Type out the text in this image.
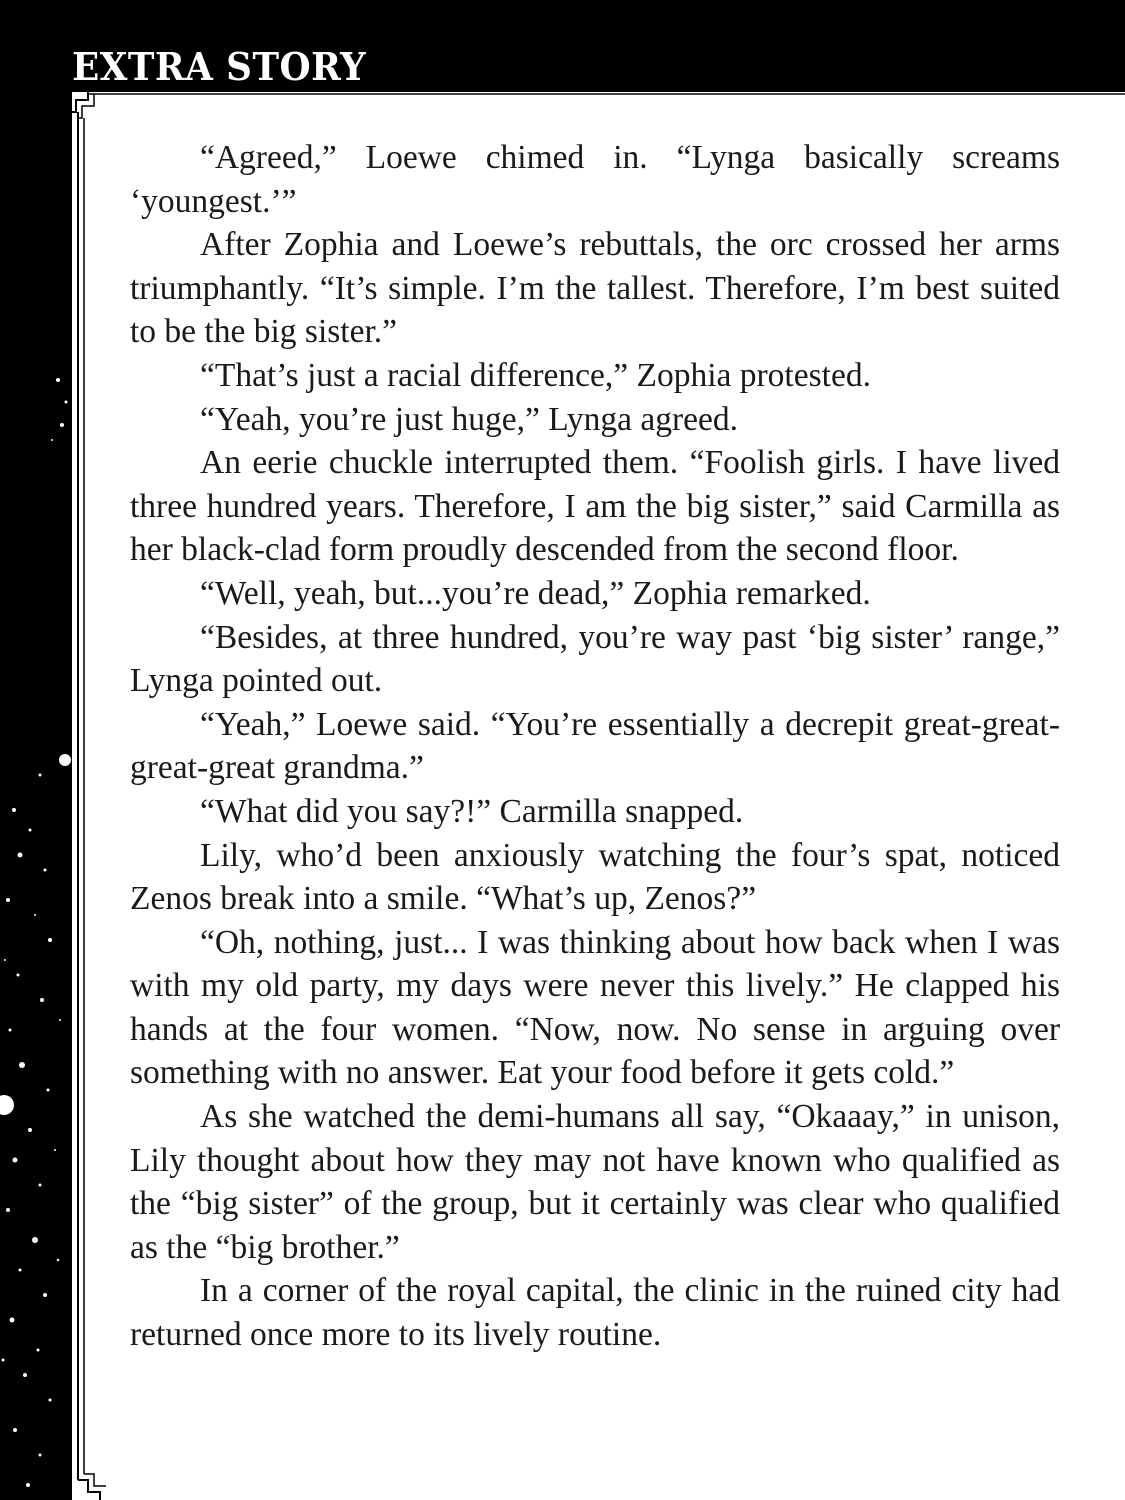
EXTRA STORY

“Agreed,” Loewe chimed in. “Lynga basically screams ‘youngest.’”

After Zophia and Loewe’s rebuttals, the orc crossed her arms triumphantly. “It’s simple. I’m the tallest. Therefore, I’m best suited to be the big sister.”

“That’s just a racial difference,” Zophia protested.

“Yeah, you’re just huge,” Lynga agreed.

An eerie chuckle interrupted them. “Foolish girls. I have lived three hundred years. Therefore, I am the big sister,” said Carmilla as her black-clad form proudly descended from the second floor.

“Well, yeah, but...you’re dead,” Zophia remarked.

“Besides, at three hundred, you’re way past ‘big sister’ range,” Lynga pointed out.

“Yeah,” Loewe said. “You’re essentially a decrepit great-great-great-great grandma.”

“What did you say?!” Carmilla snapped.

Lily, who’d been anxiously watching the four’s spat, noticed Zenos break into a smile. “What’s up, Zenos?”

“Oh, nothing, just... I was thinking about how back when I was with my old party, my days were never this lively.” He clapped his hands at the four women. “Now, now. No sense in arguing over something with no answer. Eat your food before it gets cold.”

As she watched the demi-humans all say, “Okaaay,” in unison, Lily thought about how they may not have known who qualified as the “big sister” of the group, but it certainly was clear who qualified as the “big brother.”

In a corner of the royal capital, the clinic in the ruined city had returned once more to its lively routine.
